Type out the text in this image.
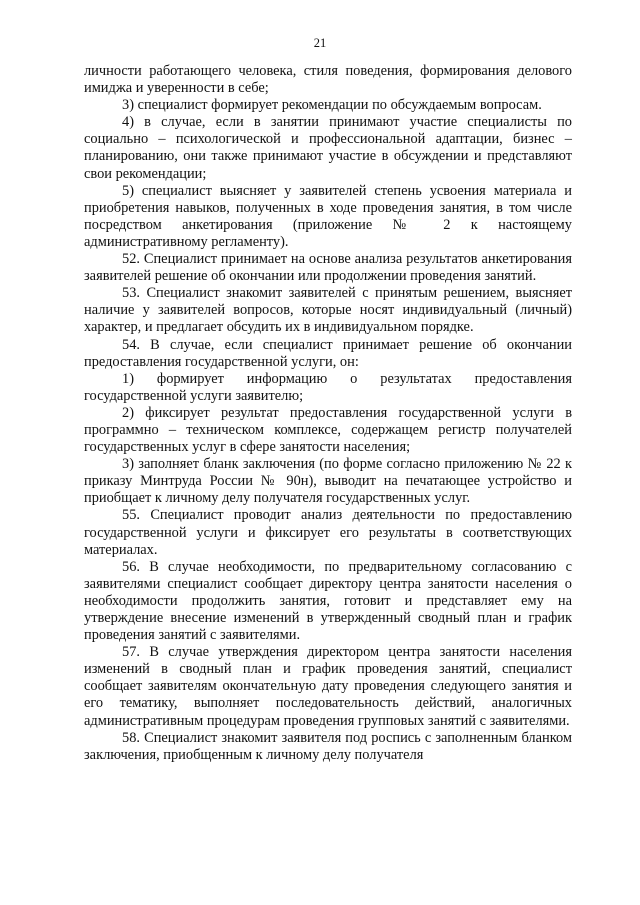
21

личности работающего человека, стиля поведения, формирования делового имиджа и уверенности в себе;

3) специалист формирует рекомендации по обсуждаемым вопросам.

4) в случае, если в занятии принимают участие специалисты по социально – психологической и профессиональной адаптации, бизнес – планированию, они также принимают участие в обсуждении и представляют свои рекомендации;

5) специалист выясняет у заявителей степень усвоения материала и приобретения навыков, полученных в ходе проведения занятия, в том числе посредством анкетирования (приложение № 2 к настоящему административному регламенту).

52. Специалист принимает на основе анализа результатов анкетирования заявителей решение об окончании или продолжении проведения занятий.

53. Специалист знакомит заявителей с принятым решением, выясняет наличие у заявителей вопросов, которые носят индивидуальный (личный) характер, и предлагает обсудить их в индивидуальном порядке.

54. В случае, если специалист принимает решение об окончании предоставления государственной услуги, он:

1) формирует информацию о результатах предоставления государственной услуги заявителю;

2) фиксирует результат предоставления государственной услуги в программно – техническом комплексе, содержащем регистр получателей государственных услуг в сфере занятости населения;

3) заполняет бланк заключения (по форме согласно приложению № 22 к приказу Минтруда России № 90н), выводит на печатающее устройство и приобщает к личному делу получателя государственных услуг.

55. Специалист проводит анализ деятельности по предоставлению государственной услуги и фиксирует его результаты в соответствующих материалах.

56. В случае необходимости, по предварительному согласованию с заявителями специалист сообщает директору центра занятости населения о необходимости продолжить занятия, готовит и представляет ему на утверждение внесение изменений в утвержденный сводный план и график проведения занятий с заявителями.

57. В случае утверждения директором центра занятости населения изменений в сводный план и график проведения занятий, специалист сообщает заявителям окончательную дату проведения следующего занятия и его тематику, выполняет последовательность действий, аналогичных административным процедурам проведения групповых занятий с заявителями.

58. Специалист знакомит заявителя под роспись с заполненным бланком заключения, приобщенным к личному делу получателя
